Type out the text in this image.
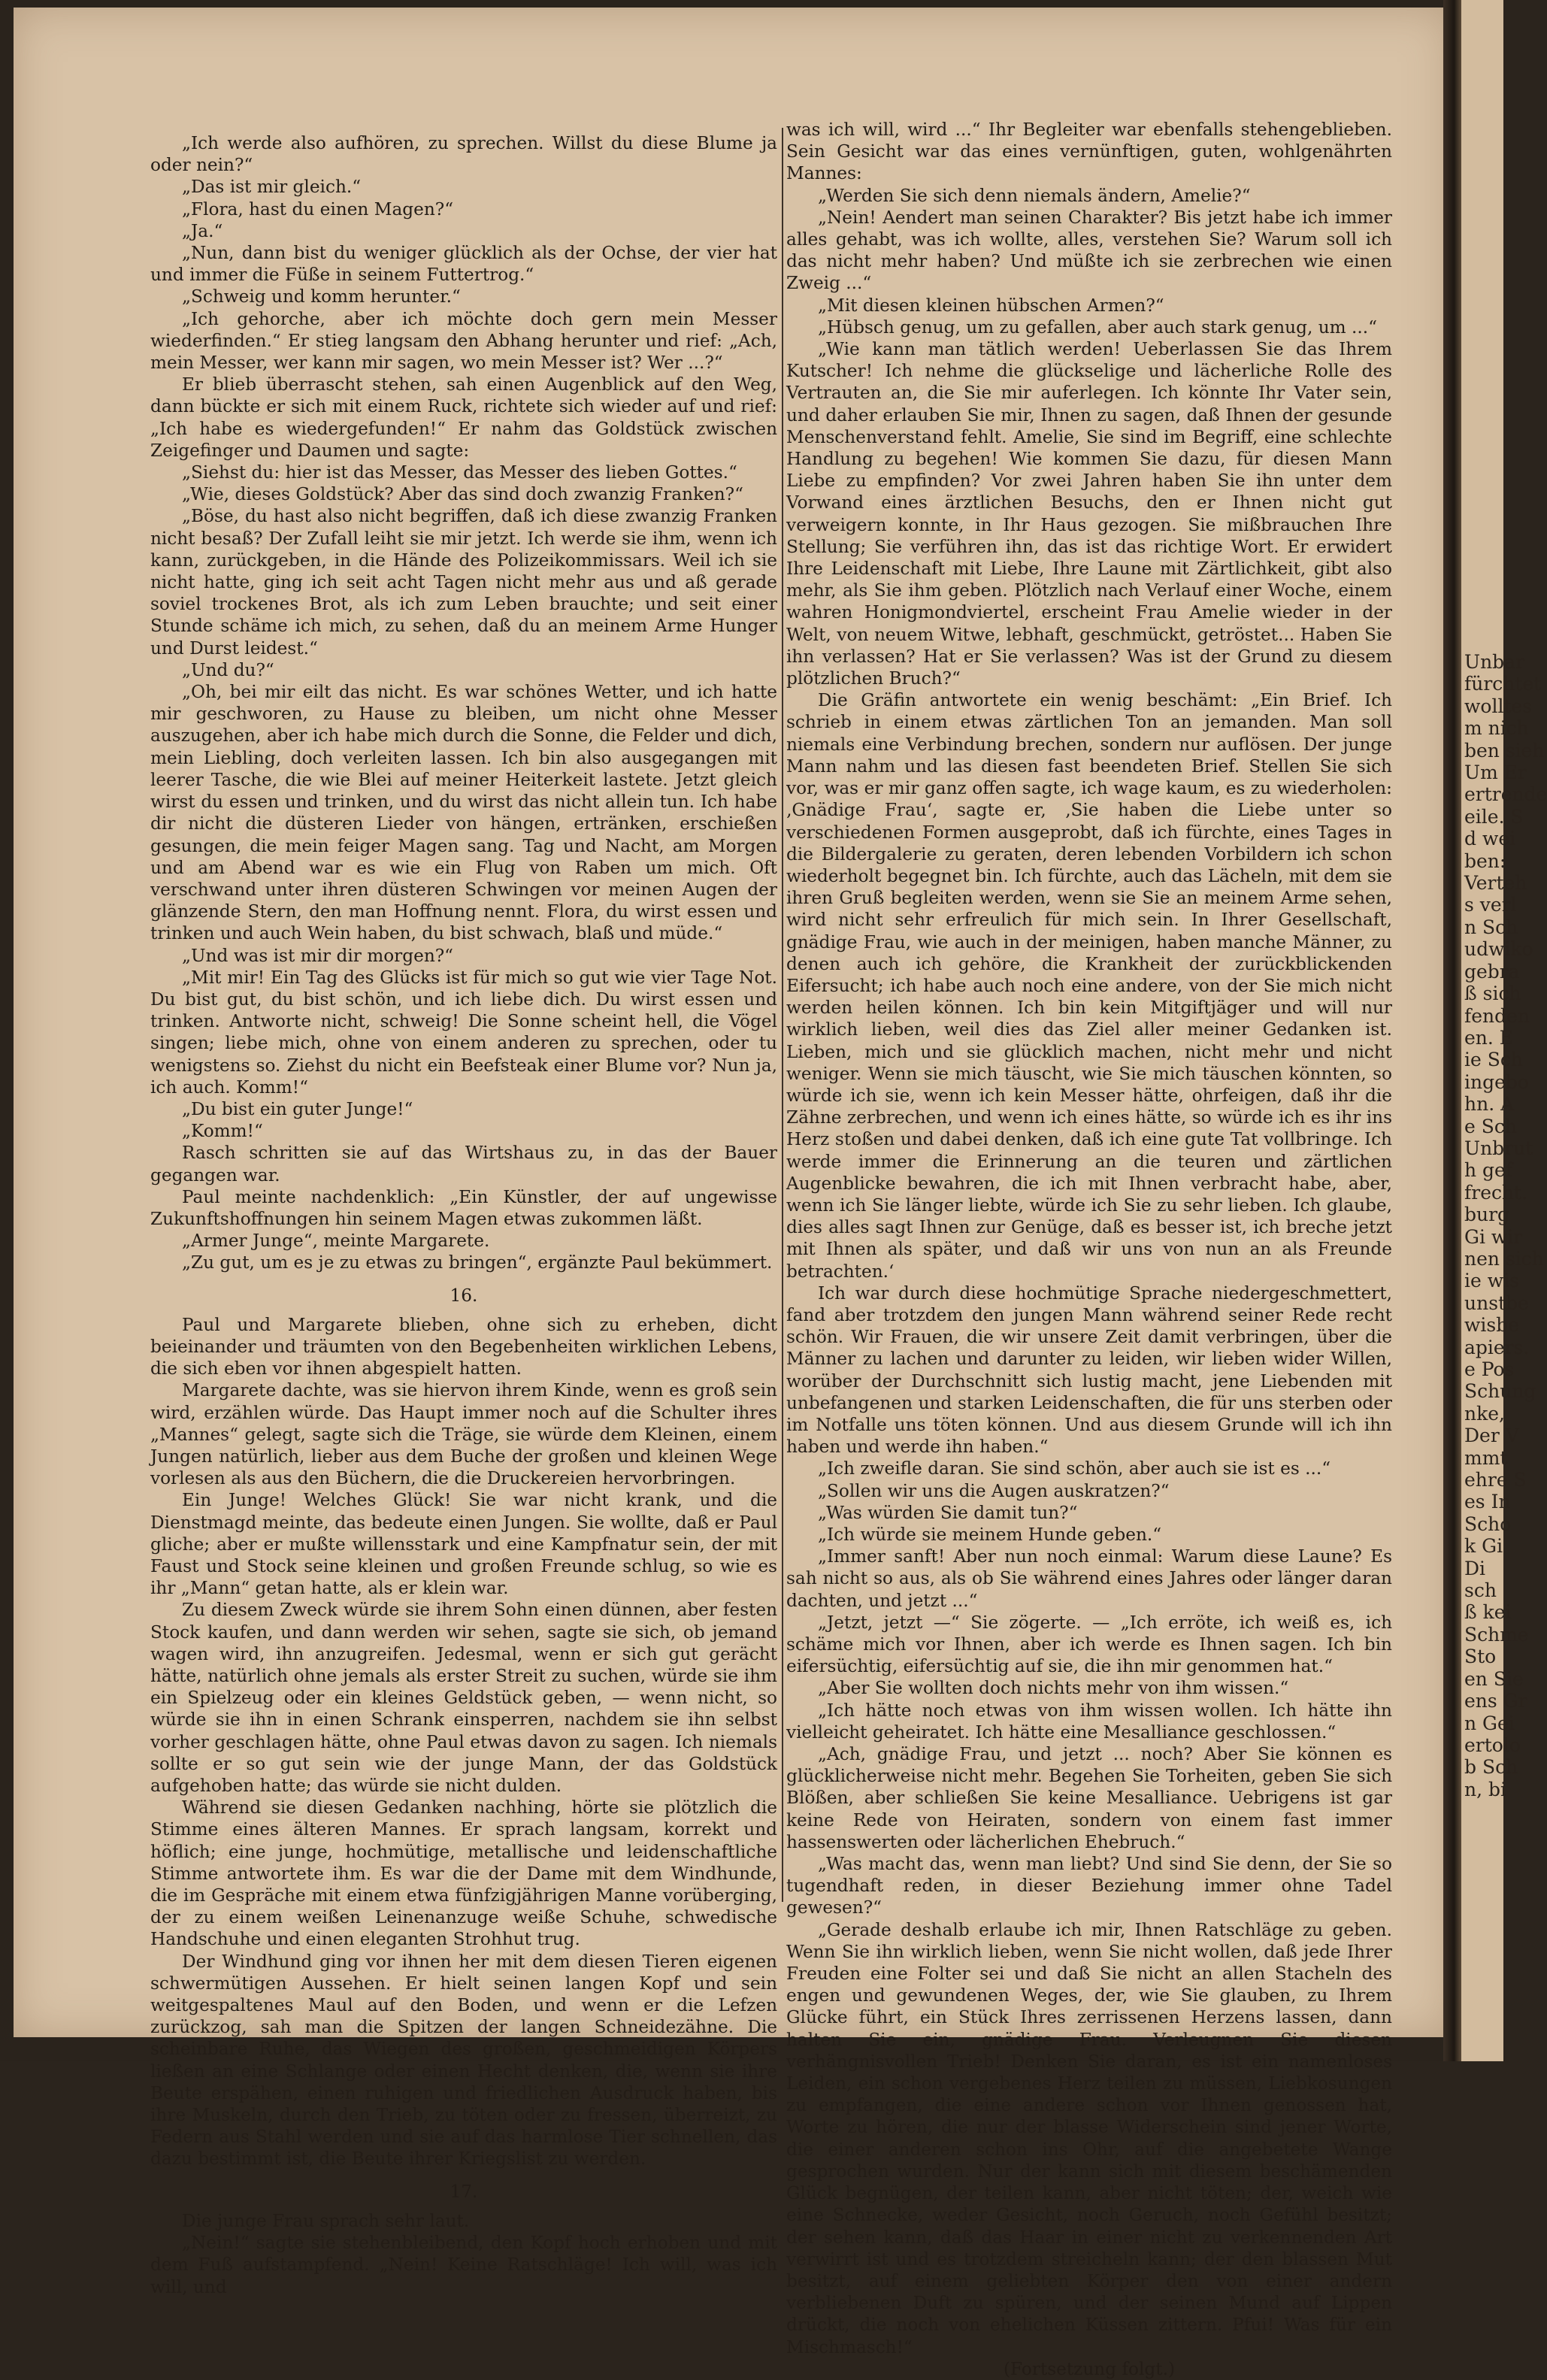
Unbar
fürchtet
wolltes
m nich
ben sieh
Um Er
ertrende
eile. S
d wei
ben:
Verteh
s verl
n Sch
udwiko
gebra
ß sich
fenden
en. E
ie Sch
ingebo
hn. A
e Sch
Unbrut
h gef
frecht.
burg
Gi wir
nen sich
ie wis
unstbe
wisbe
apiers.
e Pos
Schung
nke,
Der V
mmt
ehre S
es In
Scho
k Gi
Di
sch
ß kei
Schme
Sto
en Sie
ens Gr
n Gei
ertolo
b Sch
n, bi

„Ich werde also aufhören, zu sprechen. Willst du diese Blume ja oder nein?“

„Das ist mir gleich.“

„Flora, hast du einen Magen?“

„Ja.“

„Nun, dann bist du weniger glücklich als der Ochse, der vier hat und immer die Füße in seinem Futtertrog.“

„Schweig und komm herunter.“

„Ich gehorche, aber ich möchte doch gern mein Messer wiederfinden.“ Er stieg langsam den Abhang herunter und rief: „Ach, mein Messer, wer kann mir sagen, wo mein Messer ist? Wer ...?“

Er blieb überrascht stehen, sah einen Augenblick auf den Weg, dann bückte er sich mit einem Ruck, richtete sich wieder auf und rief: „Ich habe es wiedergefunden!“ Er nahm das Goldstück zwischen Zeigefinger und Daumen und sagte:

„Siehst du: hier ist das Messer, das Messer des lieben Gottes.“

„Wie, dieses Goldstück? Aber das sind doch zwanzig Franken?“

„Böse, du hast also nicht begriffen, daß ich diese zwanzig Franken nicht besaß? Der Zufall leiht sie mir jetzt. Ich werde sie ihm, wenn ich kann, zurückgeben, in die Hände des Polizeikommissars. Weil ich sie nicht hatte, ging ich seit acht Tagen nicht mehr aus und aß gerade soviel trockenes Brot, als ich zum Leben brauchte; und seit einer Stunde schäme ich mich, zu sehen, daß du an meinem Arme Hunger und Durst leidest.“

„Und du?“

„Oh, bei mir eilt das nicht. Es war schönes Wetter, und ich hatte mir geschworen, zu Hause zu bleiben, um nicht ohne Messer auszugehen, aber ich habe mich durch die Sonne, die Felder und dich, mein Liebling, doch verleiten lassen. Ich bin also ausgegangen mit leerer Tasche, die wie Blei auf meiner Heiterkeit lastete. Jetzt gleich wirst du essen und trinken, und du wirst das nicht allein tun. Ich habe dir nicht die düsteren Lieder von hängen, ertränken, erschießen gesungen, die mein feiger Magen sang. Tag und Nacht, am Morgen und am Abend war es wie ein Flug von Raben um mich. Oft verschwand unter ihren düsteren Schwingen vor meinen Augen der glänzende Stern, den man Hoffnung nennt. Flora, du wirst essen und trinken und auch Wein haben, du bist schwach, blaß und müde.“

„Und was ist mir dir morgen?“

„Mit mir! Ein Tag des Glücks ist für mich so gut wie vier Tage Not. Du bist gut, du bist schön, und ich liebe dich. Du wirst essen und trinken. Antworte nicht, schweig! Die Sonne scheint hell, die Vögel singen; liebe mich, ohne von einem anderen zu sprechen, oder tu wenigstens so. Ziehst du nicht ein Beefsteak einer Blume vor? Nun ja, ich auch. Komm!“

„Du bist ein guter Junge!“

„Komm!“

Rasch schritten sie auf das Wirtshaus zu, in das der Bauer gegangen war.

Paul meinte nachdenklich: „Ein Künstler, der auf ungewisse Zukunftshoffnungen hin seinem Magen etwas zukommen läßt.

„Armer Junge“, meinte Margarete.

„Zu gut, um es je zu etwas zu bringen“, ergänzte Paul bekümmert.

16.

Paul und Margarete blieben, ohne sich zu erheben, dicht beieinander und träumten von den Begebenheiten wirklichen Lebens, die sich eben vor ihnen abgespielt hatten.

Margarete dachte, was sie hiervon ihrem Kinde, wenn es groß sein wird, erzählen würde. Das Haupt immer noch auf die Schulter ihres „Mannes“ gelegt, sagte sich die Träge, sie würde dem Kleinen, einem Jungen natürlich, lieber aus dem Buche der großen und kleinen Wege vorlesen als aus den Büchern, die die Druckereien hervorbringen.

Ein Junge! Welches Glück! Sie war nicht krank, und die Dienstmagd meinte, das bedeute einen Jungen. Sie wollte, daß er Paul gliche; aber er mußte willensstark und eine Kampfnatur sein, der mit Faust und Stock seine kleinen und großen Freunde schlug, so wie es ihr „Mann“ getan hatte, als er klein war.

Zu diesem Zweck würde sie ihrem Sohn einen dünnen, aber festen Stock kaufen, und dann werden wir sehen, sagte sie sich, ob jemand wagen wird, ihn anzugreifen. Jedesmal, wenn er sich gut gerächt hätte, natürlich ohne jemals als erster Streit zu suchen, würde sie ihm ein Spielzeug oder ein kleines Geldstück geben, — wenn nicht, so würde sie ihn in einen Schrank einsperren, nachdem sie ihn selbst vorher geschlagen hätte, ohne Paul etwas davon zu sagen. Ich niemals sollte er so gut sein wie der junge Mann, der das Goldstück aufgehoben hatte; das würde sie nicht dulden.

Während sie diesen Gedanken nachhing, hörte sie plötzlich die Stimme eines älteren Mannes. Er sprach langsam, korrekt und höflich; eine junge, hochmütige, metallische und leidenschaftliche Stimme antwortete ihm. Es war die der Dame mit dem Windhunde, die im Gespräche mit einem etwa fünfzigjährigen Manne vorüberging, der zu einem weißen Leinenanzuge weiße Schuhe, schwedische Handschuhe und einen eleganten Strohhut trug.

Der Windhund ging vor ihnen her mit dem diesen Tieren eigenen schwermütigen Aussehen. Er hielt seinen langen Kopf und sein weitgespaltenes Maul auf den Boden, und wenn er die Lefzen zurückzog, sah man die Spitzen der langen Schneidezähne. Die scheinbare Ruhe, das Wiegen des großen, geschmeidigen Körpers ließen an eine Schlange oder einen Hecht denken, die, wenn sie ihre Beute erspähen, einen ruhigen und friedlichen Ausdruck haben, bis ihre Muskeln, durch den Trieb, zu töten oder zu fressen, überreizt, zu Federn aus Stahl werden und sie auf das harmlose Tier schnellen, das dazu bestimmt ist, die Beute ihrer Kriegslist zu werden.

17.

Die junge Frau sprach sehr laut.

„Nein!“ sagte sie stehenbleibend, den Kopf hoch erhoben und mit dem Fuß aufstampfend. „Nein! Keine Ratschläge! Ich will, was ich will, und

was ich will, wird ...“ Ihr Begleiter war ebenfalls stehengeblieben. Sein Gesicht war das eines vernünftigen, guten, wohlgenährten Mannes:

„Werden Sie sich denn niemals ändern, Amelie?“

„Nein! Aendert man seinen Charakter? Bis jetzt habe ich immer alles gehabt, was ich wollte, alles, verstehen Sie? Warum soll ich das nicht mehr haben? Und müßte ich sie zerbrechen wie einen Zweig ...“

„Mit diesen kleinen hübschen Armen?“

„Hübsch genug, um zu gefallen, aber auch stark genug, um ...“

„Wie kann man tätlich werden! Ueberlassen Sie das Ihrem Kutscher! Ich nehme die glückselige und lächerliche Rolle des Vertrauten an, die Sie mir auferlegen. Ich könnte Ihr Vater sein, und daher erlauben Sie mir, Ihnen zu sagen, daß Ihnen der gesunde Menschenverstand fehlt. Amelie, Sie sind im Begriff, eine schlechte Handlung zu begehen! Wie kommen Sie dazu, für diesen Mann Liebe zu empfinden? Vor zwei Jahren haben Sie ihn unter dem Vorwand eines ärztlichen Besuchs, den er Ihnen nicht gut verweigern konnte, in Ihr Haus gezogen. Sie mißbrauchen Ihre Stellung; Sie verführen ihn, das ist das richtige Wort. Er erwidert Ihre Leidenschaft mit Liebe, Ihre Laune mit Zärtlichkeit, gibt also mehr, als Sie ihm geben. Plötzlich nach Verlauf einer Woche, einem wahren Honigmondviertel, erscheint Frau Amelie wieder in der Welt, von neuem Witwe, lebhaft, geschmückt, getröstet... Haben Sie ihn verlassen? Hat er Sie verlassen? Was ist der Grund zu diesem plötzlichen Bruch?“

Die Gräfin antwortete ein wenig beschämt: „Ein Brief. Ich schrieb in einem etwas zärtlichen Ton an jemanden. Man soll niemals eine Verbindung brechen, sondern nur auflösen. Der junge Mann nahm und las diesen fast beendeten Brief. Stellen Sie sich vor, was er mir ganz offen sagte, ich wage kaum, es zu wiederholen: ‚Gnädige Frau‘, sagte er, ‚Sie haben die Liebe unter so verschiedenen Formen ausgeprobt, daß ich fürchte, eines Tages in die Bildergalerie zu geraten, deren lebenden Vorbildern ich schon wiederholt begegnet bin. Ich fürchte, auch das Lächeln, mit dem sie ihren Gruß begleiten werden, wenn sie Sie an meinem Arme sehen, wird nicht sehr erfreulich für mich sein. In Ihrer Gesellschaft, gnädige Frau, wie auch in der meinigen, haben manche Männer, zu denen auch ich gehöre, die Krankheit der zurückblickenden Eifersucht; ich habe auch noch eine andere, von der Sie mich nicht werden heilen können. Ich bin kein Mitgiftjäger und will nur wirklich lieben, weil dies das Ziel aller meiner Gedanken ist. Lieben, mich und sie glücklich machen, nicht mehr und nicht weniger. Wenn sie mich täuscht, wie Sie mich täuschen könnten, so würde ich sie, wenn ich kein Messer hätte, ohrfeigen, daß ihr die Zähne zerbrechen, und wenn ich eines hätte, so würde ich es ihr ins Herz stoßen und dabei denken, daß ich eine gute Tat vollbringe. Ich werde immer die Erinnerung an die teuren und zärtlichen Augenblicke bewahren, die ich mit Ihnen verbracht habe, aber, wenn ich Sie länger liebte, würde ich Sie zu sehr lieben. Ich glaube, dies alles sagt Ihnen zur Genüge, daß es besser ist, ich breche jetzt mit Ihnen als später, und daß wir uns von nun an als Freunde betrachten.‘

Ich war durch diese hochmütige Sprache niedergeschmettert, fand aber trotzdem den jungen Mann während seiner Rede recht schön. Wir Frauen, die wir unsere Zeit damit verbringen, über die Männer zu lachen und darunter zu leiden, wir lieben wider Willen, worüber der Durchschnitt sich lustig macht, jene Liebenden mit unbefangenen und starken Leidenschaften, die für uns sterben oder im Notfalle uns töten können. Und aus diesem Grunde will ich ihn haben und werde ihn haben.“

„Ich zweifle daran. Sie sind schön, aber auch sie ist es ...“

„Sollen wir uns die Augen auskratzen?“

„Was würden Sie damit tun?“

„Ich würde sie meinem Hunde geben.“

„Immer sanft! Aber nun noch einmal: Warum diese Laune? Es sah nicht so aus, als ob Sie während eines Jahres oder länger daran dachten, und jetzt ...“

„Jetzt, jetzt —“ Sie zögerte. — „Ich erröte, ich weiß es, ich schäme mich vor Ihnen, aber ich werde es Ihnen sagen. Ich bin eifersüchtig, eifersüchtig auf sie, die ihn mir genommen hat.“

„Aber Sie wollten doch nichts mehr von ihm wissen.“

„Ich hätte noch etwas von ihm wissen wollen. Ich hätte ihn vielleicht geheiratet. Ich hätte eine Mesalliance geschlossen.“

„Ach, gnädige Frau, und jetzt ... noch? Aber Sie können es glücklicherweise nicht mehr. Begehen Sie Torheiten, geben Sie sich Blößen, aber schließen Sie keine Mesalliance. Uebrigens ist gar keine Rede von Heiraten, sondern von einem fast immer hassenswerten oder lächerlichen Ehebruch.“

„Was macht das, wenn man liebt? Und sind Sie denn, der Sie so tugendhaft reden, in dieser Beziehung immer ohne Tadel gewesen?“

„Gerade deshalb erlaube ich mir, Ihnen Ratschläge zu geben. Wenn Sie ihn wirklich lieben, wenn Sie nicht wollen, daß jede Ihrer Freuden eine Folter sei und daß Sie nicht an allen Stacheln des engen und gewundenen Weges, der, wie Sie glauben, zu Ihrem Glücke führt, ein Stück Ihres zerrissenen Herzens lassen, dann halten Sie ein, gnädige Frau. Verleugnen Sie diesen verhängnisvollen Trieb! Denken Sie daran, es ist ein namenloses Leiden, ein schon vergebenes Herz teilen zu müssen, Liebkosungen zu empfangen, die eine andere schon vor Ihnen genossen hat, Worte zu hören, die nur der blasse Widerschein sind jener Worte, die einer anderen schon ins Ohr, auf die angebetete Wange gesprochen wurden. Nur der kann sich mit diesem beschämenden Glück begnügen, der teilen kann, aber nicht töten; der, weich wie eine Schnecke, weder Gesicht, noch Geruch, noch Gefühl besitzt; der sehen kann, daß das Haar in einer nicht zu verkennenden Art verwirrt ist und es trotzdem streicheln kann; der den blassen Mut besitzt, auf einem geliebten Körper den von einer andern verbliebenen Duft zu spüren, und der seinen Mund auf Lippen drückt, die noch von ehelichen Küssen zittern. Pfui! Was für ein Mischmasch!“

(Fortsetzung folgt.)
